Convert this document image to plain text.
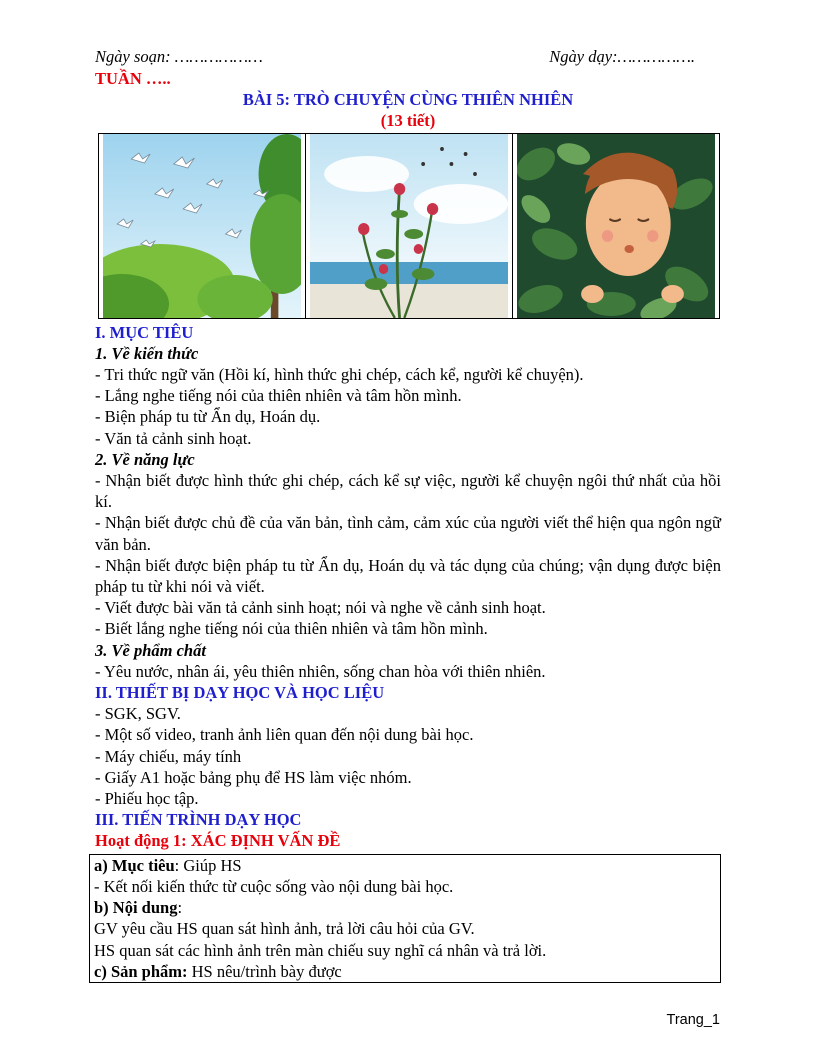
Ngày soạn: ………………	Ngày dạy:…………….
TUẦN …..
BÀI 5: TRÒ CHUYỆN CÙNG THIÊN NHIÊN
(13 tiết)
I. MỤC TIÊU
1. Về kiến thức
- Tri thức ngữ văn (Hồi kí, hình thức ghi chép, cách kể, người kể chuyện).
- Lắng nghe tiếng nói của thiên nhiên và tâm hồn mình.
- Biện pháp tu từ Ẩn dụ, Hoán dụ.
- Văn tả cảnh sinh hoạt.
2. Về năng lực
- Nhận biết được hình thức ghi chép, cách kể sự việc, người kể chuyện ngôi thứ nhất của hồi kí.
- Nhận biết được chủ đề của văn bản, tình cảm, cảm xúc của người viết thể hiện qua ngôn ngữ văn bản.
- Nhận biết được biện pháp tu từ Ẩn dụ, Hoán dụ và tác dụng của chúng; vận dụng được biện pháp tu từ khi nói và viết.
- Viết được bài văn tả cảnh sinh hoạt; nói và nghe về cảnh sinh hoạt.
- Biết lắng nghe tiếng nói của thiên nhiên và tâm hồn mình.
3. Về phẩm chất
- Yêu nước, nhân ái, yêu thiên nhiên, sống chan hòa với thiên nhiên.
II. THIẾT BỊ DẠY HỌC VÀ HỌC LIỆU
- SGK, SGV.
- Một số video, tranh ảnh liên quan đến nội dung bài học.
- Máy chiếu, máy tính
- Giấy A1 hoặc bảng phụ để HS làm việc nhóm.
- Phiếu học tập.
III. TIẾN TRÌNH DẠY HỌC
Hoạt động 1: XÁC ĐỊNH VẤN ĐỀ
a) Mục tiêu: Giúp HS
- Kết nối kiến thức từ cuộc sống vào nội dung bài học.
b) Nội dung:
GV yêu cầu HS quan sát hình ảnh, trả lời câu hỏi của GV.
HS quan sát các hình ảnh trên màn chiếu suy nghĩ cá nhân và trả lời.
c) Sản phẩm: HS nêu/trình bày được
Trang_1
